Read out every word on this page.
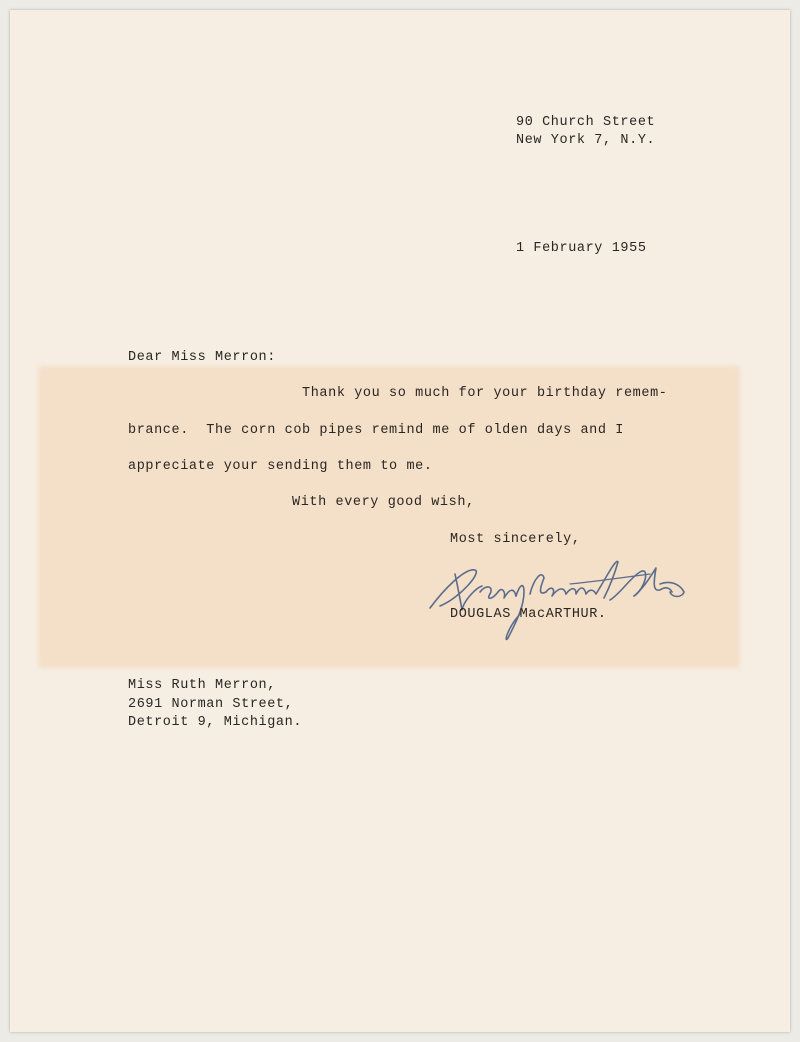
90 Church Street

New York 7, N.Y.

1 February 1955

Dear Miss Merron:

Thank you so much for your birthday remem-

brance.  The corn cob pipes remind me of olden days and I

appreciate your sending them to me.

With every good wish,

Most sincerely,

DOUGLAS MacARTHUR.

Miss Ruth Merron,

2691 Norman Street,

Detroit 9, Michigan.
